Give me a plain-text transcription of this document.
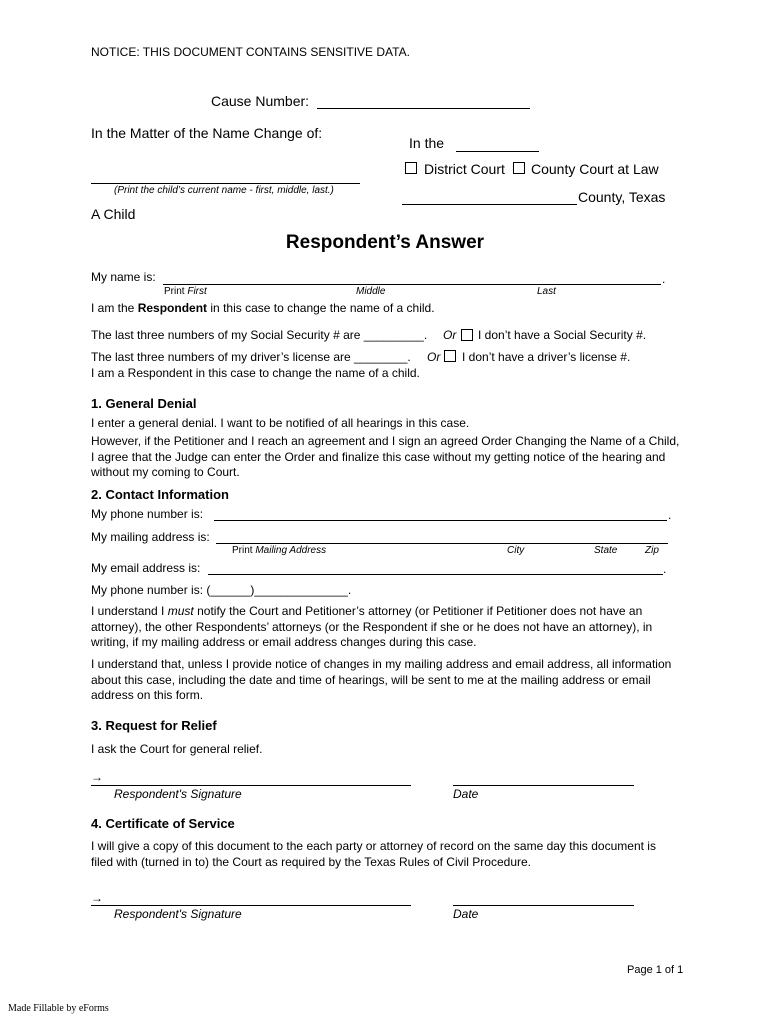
NOTICE: THIS DOCUMENT CONTAINS SENSITIVE DATA.
Cause Number:
In the Matter of the Name Change of:
In the
District Court County Court at Law
(Print the child’s current name - first, middle, last.)	County, Texas
A Child
Respondent’s Answer
My name is:	.
Print First	Middle	Last
I am the Respondent in this case to change the name of a child.
The last three numbers of my Social Security # are _________. Or I don’t have a Social Security #.
The last three numbers of my driver’s license are ________. Or I don’t have a driver’s license #.
I am a Respondent in this case to change the name of a child.
1. General Denial
I enter a general denial. I want to be notified of all hearings in this case.
However, if the Petitioner and I reach an agreement and I sign an agreed Order Changing the Name of a Child, I agree that the Judge can enter the Order and finalize this case without my getting notice of the hearing and without my coming to Court.
2. Contact Information
My phone number is:	.
My mailing address is:
Print Mailing Address	City	State	Zip
My email address is:	.
My phone number is: (______)______________.
I understand I must notify the Court and Petitioner’s attorney (or Petitioner if Petitioner does not have an attorney), the other Respondents’ attorneys (or the Respondent if she or he does not have an attorney), in writing, if my mailing address or email address changes during this case.
I understand that, unless I provide notice of changes in my mailing address and email address, all information about this case, including the date and time of hearings, will be sent to me at the mailing address or email address on this form.
3. Request for Relief
I ask the Court for general relief.
→
Respondent's Signature	Date
4. Certificate of Service
I will give a copy of this document to the each party or attorney of record on the same day this document is filed with (turned in to) the Court as required by the Texas Rules of Civil Procedure.
→
Respondent's Signature	Date
Page 1 of 1
Made Fillable by eForms
